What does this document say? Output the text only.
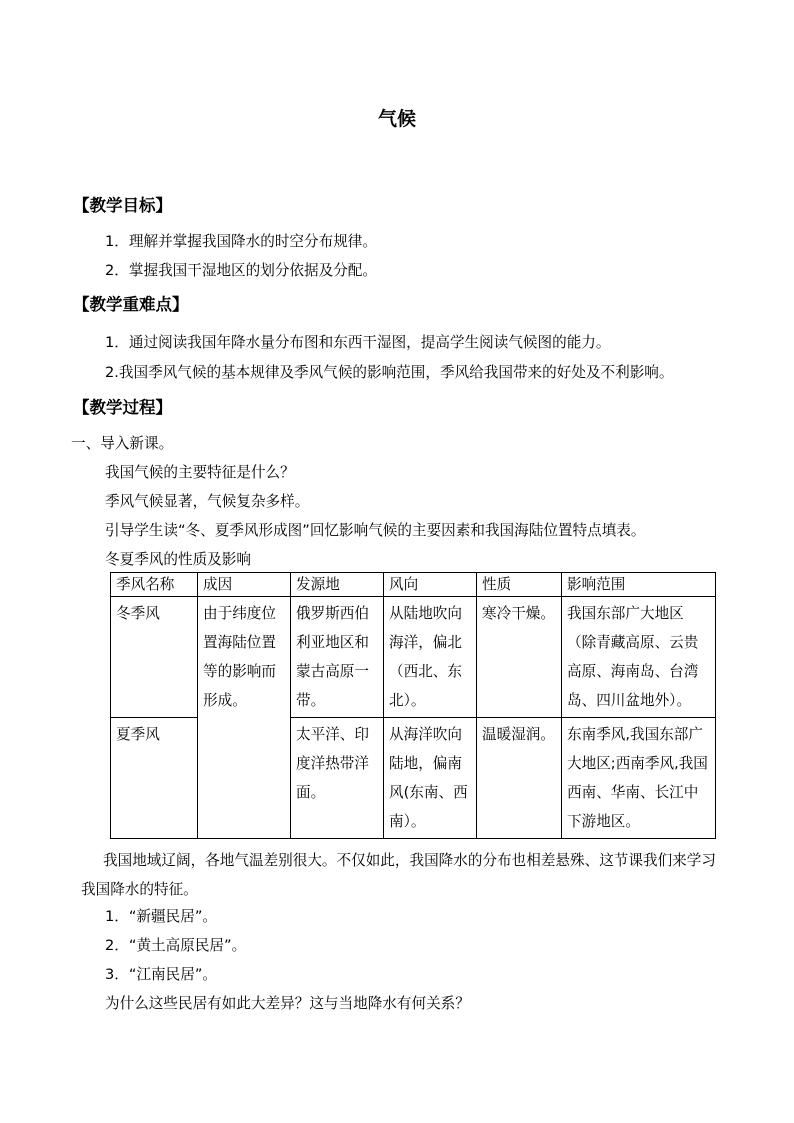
气候
【教学目标】
1．理解并掌握我国降水的时空分布规律。
2．掌握我国干湿地区的划分依据及分配。
【教学重难点】
1．通过阅读我国年降水量分布图和东西干湿图，提高学生阅读气候图的能力。
2.我国季风气候的基本规律及季风气候的影响范围，季风给我国带来的好处及不利影响。
【教学过程】
一、导入新课。
我国气候的主要特征是什么？
季风气候显著，气候复杂多样。
引导学生读“冬、夏季风形成图”回忆影响气候的主要因素和我国海陆位置特点填表。
冬夏季风的性质及影响
季风名称	成因	发源地	风向	性质	影响范围
冬季风	由于纬度位置海陆位置等的影响而形成。	俄罗斯西伯利亚地区和蒙古高原一带。	从陆地吹向海洋，偏北（西北、东北）。	寒冷干燥。	我国东部广大地区（除青藏高原、云贵高原、海南岛、台湾岛、四川盆地外）。
夏季风		太平洋、印度洋热带洋面。	从海洋吹向陆地，偏南风(东南、西南）。	温暖湿润。	东南季风,我国东部广大地区;西南季风,我国西南、华南、长江中下游地区。
我国地域辽阔，各地气温差别很大。不仅如此，我国降水的分布也相差悬殊、这节课我们来学习我国降水的特征。
1．“新疆民居”。
2．“黄土高原民居”。
3．“江南民居”。
为什么这些民居有如此大差异？这与当地降水有何关系？
